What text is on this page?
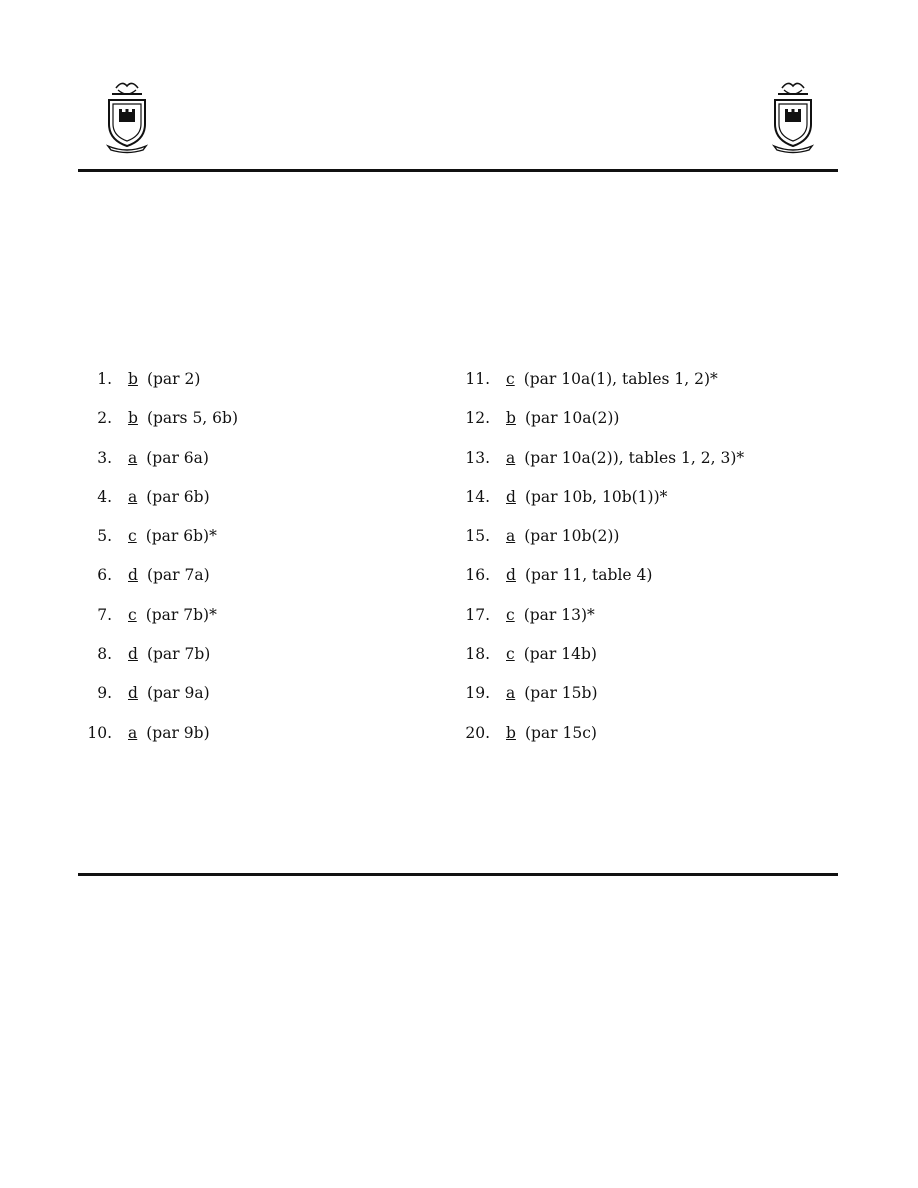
1. b (par 2)
2. b (pars 5, 6b)
3. a (par 6a)
4. a (par 6b)
5. c (par 6b)*
6. d (par 7a)
7. c (par 7b)*
8. d (par 7b)
9. d (par 9a)
10. a (par 9b)
11. c (par 10a(1), tables 1, 2)*
12. b (par 10a(2))
13. a (par 10a(2)), tables 1, 2, 3)*
14. d (par 10b, 10b(1))*
15. a (par 10b(2))
16. d (par 11, table 4)
17. c (par 13)*
18. c (par 14b)
19. a (par 15b)
20. b (par 15c)
